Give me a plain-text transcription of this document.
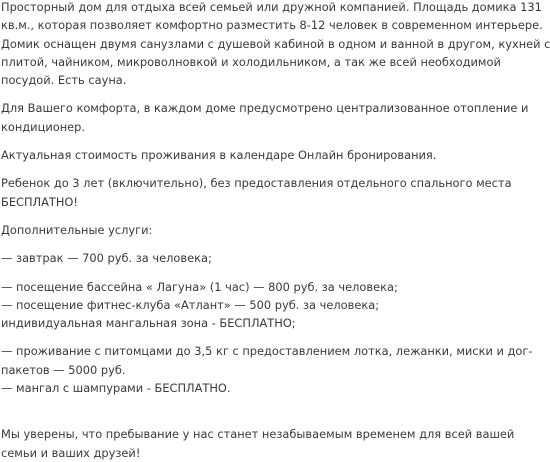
Просторный дом для отдыха всей семьей или дружной компанией. Площадь домика 131
кв.м., которая позволяет комфортно разместить 8-12 человек в современном интерьере.
Домик оснащен двумя санузлами с душевой кабиной в одном и ванной в другом, кухней с
плитой, чайником, микроволновкой и холодильником, а так же всей необходимой
посудой. Есть сауна.

Для Вашего комфорта, в каждом доме предусмотрено централизованное отопление и
кондиционер.

Актуальная стоимость проживания в календаре Онлайн бронирования.

Ребенок до 3 лет (включительно), без предоставления отдельного спального места
БЕСПЛАТНО!

Дополнительные услуги:

— завтрак — 700 руб. за человека;

— посещение бассейна « Лагуна» (1 час) — 800 руб. за человека;
— посещение фитнес-клуба «Атлант» — 500 руб. за человека;
индивидуальная мангальная зона - БЕСПЛАТНО;

— проживание с питомцами до 3,5 кг с предоставлением лотка, лежанки, миски и дог-
пакетов — 5000 руб.
— мангал с шампурами - БЕСПЛАТНО.

Мы уверены, что пребывание у нас станет незабываемым временем для всей вашей
семьи и ваших друзей!
